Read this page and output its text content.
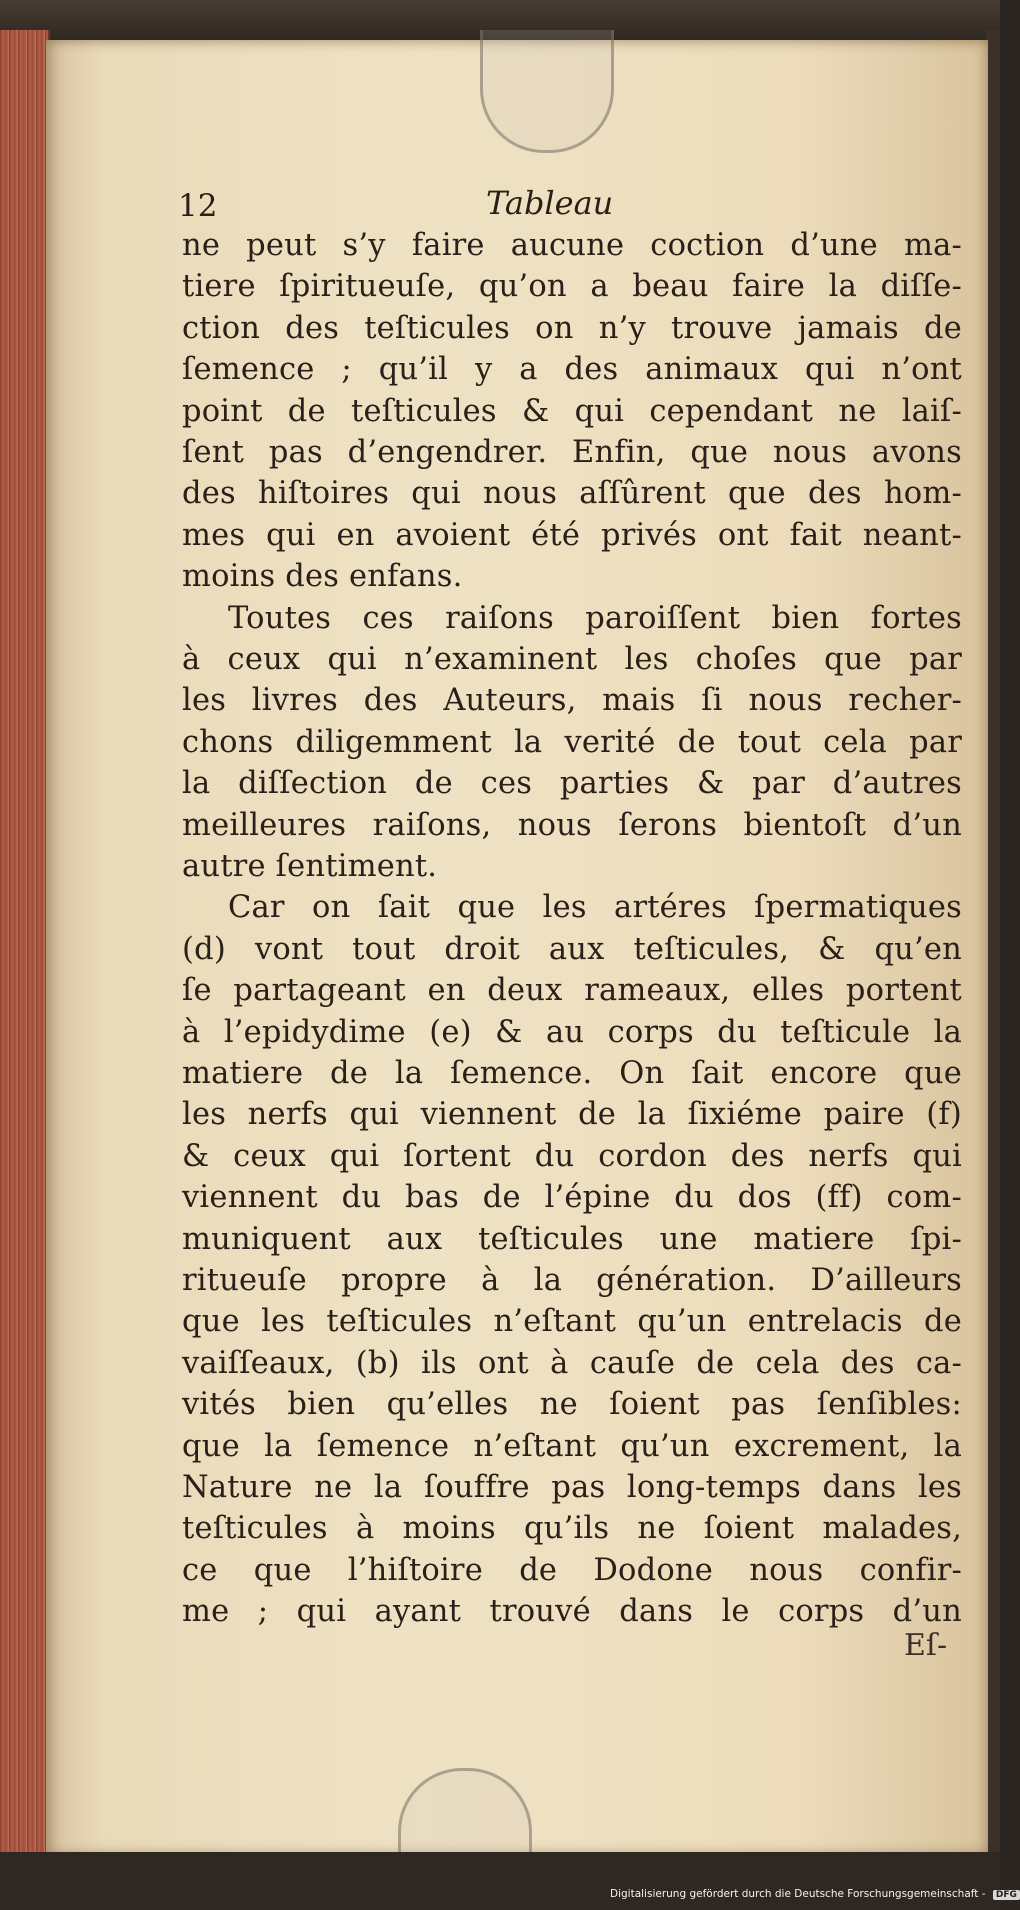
12	Tableau
ne peut s’y faire aucune coction d’une ma-
tiere ſpiritueuſe, qu’on a beau faire la diſſe-
ction des teſticules on n’y trouve jamais de
ſemence ; qu’il y a des animaux qui n’ont
point de teſticules & qui cependant ne laiſ-
ſent pas d’engendrer. Enfin, que nous avons
des hiſtoires qui nous aſſûrent que des hom-
mes qui en avoient été privés ont fait neant-
moins des enfans.
Toutes ces raiſons paroiſſent bien fortes
à ceux qui n’examinent les choſes que par
les livres des Auteurs, mais ſi nous recher-
chons diligemment la verité de tout cela par
la diſſection de ces parties & par d’autres
meilleures raiſons, nous ſerons bientoſt d’un
autre ſentiment.
Car on ſait que les artéres ſpermatiques
(d) vont tout droit aux teſticules, & qu’en
ſe partageant en deux rameaux, elles portent
à l’epidydime (e) & au corps du teſticule la
matiere de la ſemence. On ſait encore que
les nerfs qui viennent de la ſixiéme paire (f)
& ceux qui ſortent du cordon des nerfs qui
viennent du bas de l’épine du dos (ff) com-
muniquent aux teſticules une matiere ſpi-
ritueuſe propre à la génération. D’ailleurs
que les teſticules n’eſtant qu’un entrelacis de
vaiſſeaux, (b) ils ont à cauſe de cela des ca-
vités bien qu’elles ne ſoient pas ſenſibles:
que la ſemence n’eſtant qu’un excrement, la
Nature ne la ſouffre pas long-temps dans les
teſticules à moins qu’ils ne ſoient malades,
ce que l’hiſtoire de Dodone nous confir-
me ; qui ayant trouvé dans le corps d’un
Eſ-
Digitalisierung gefördert durch die Deutsche Forschungsgemeinschaft - DFG
